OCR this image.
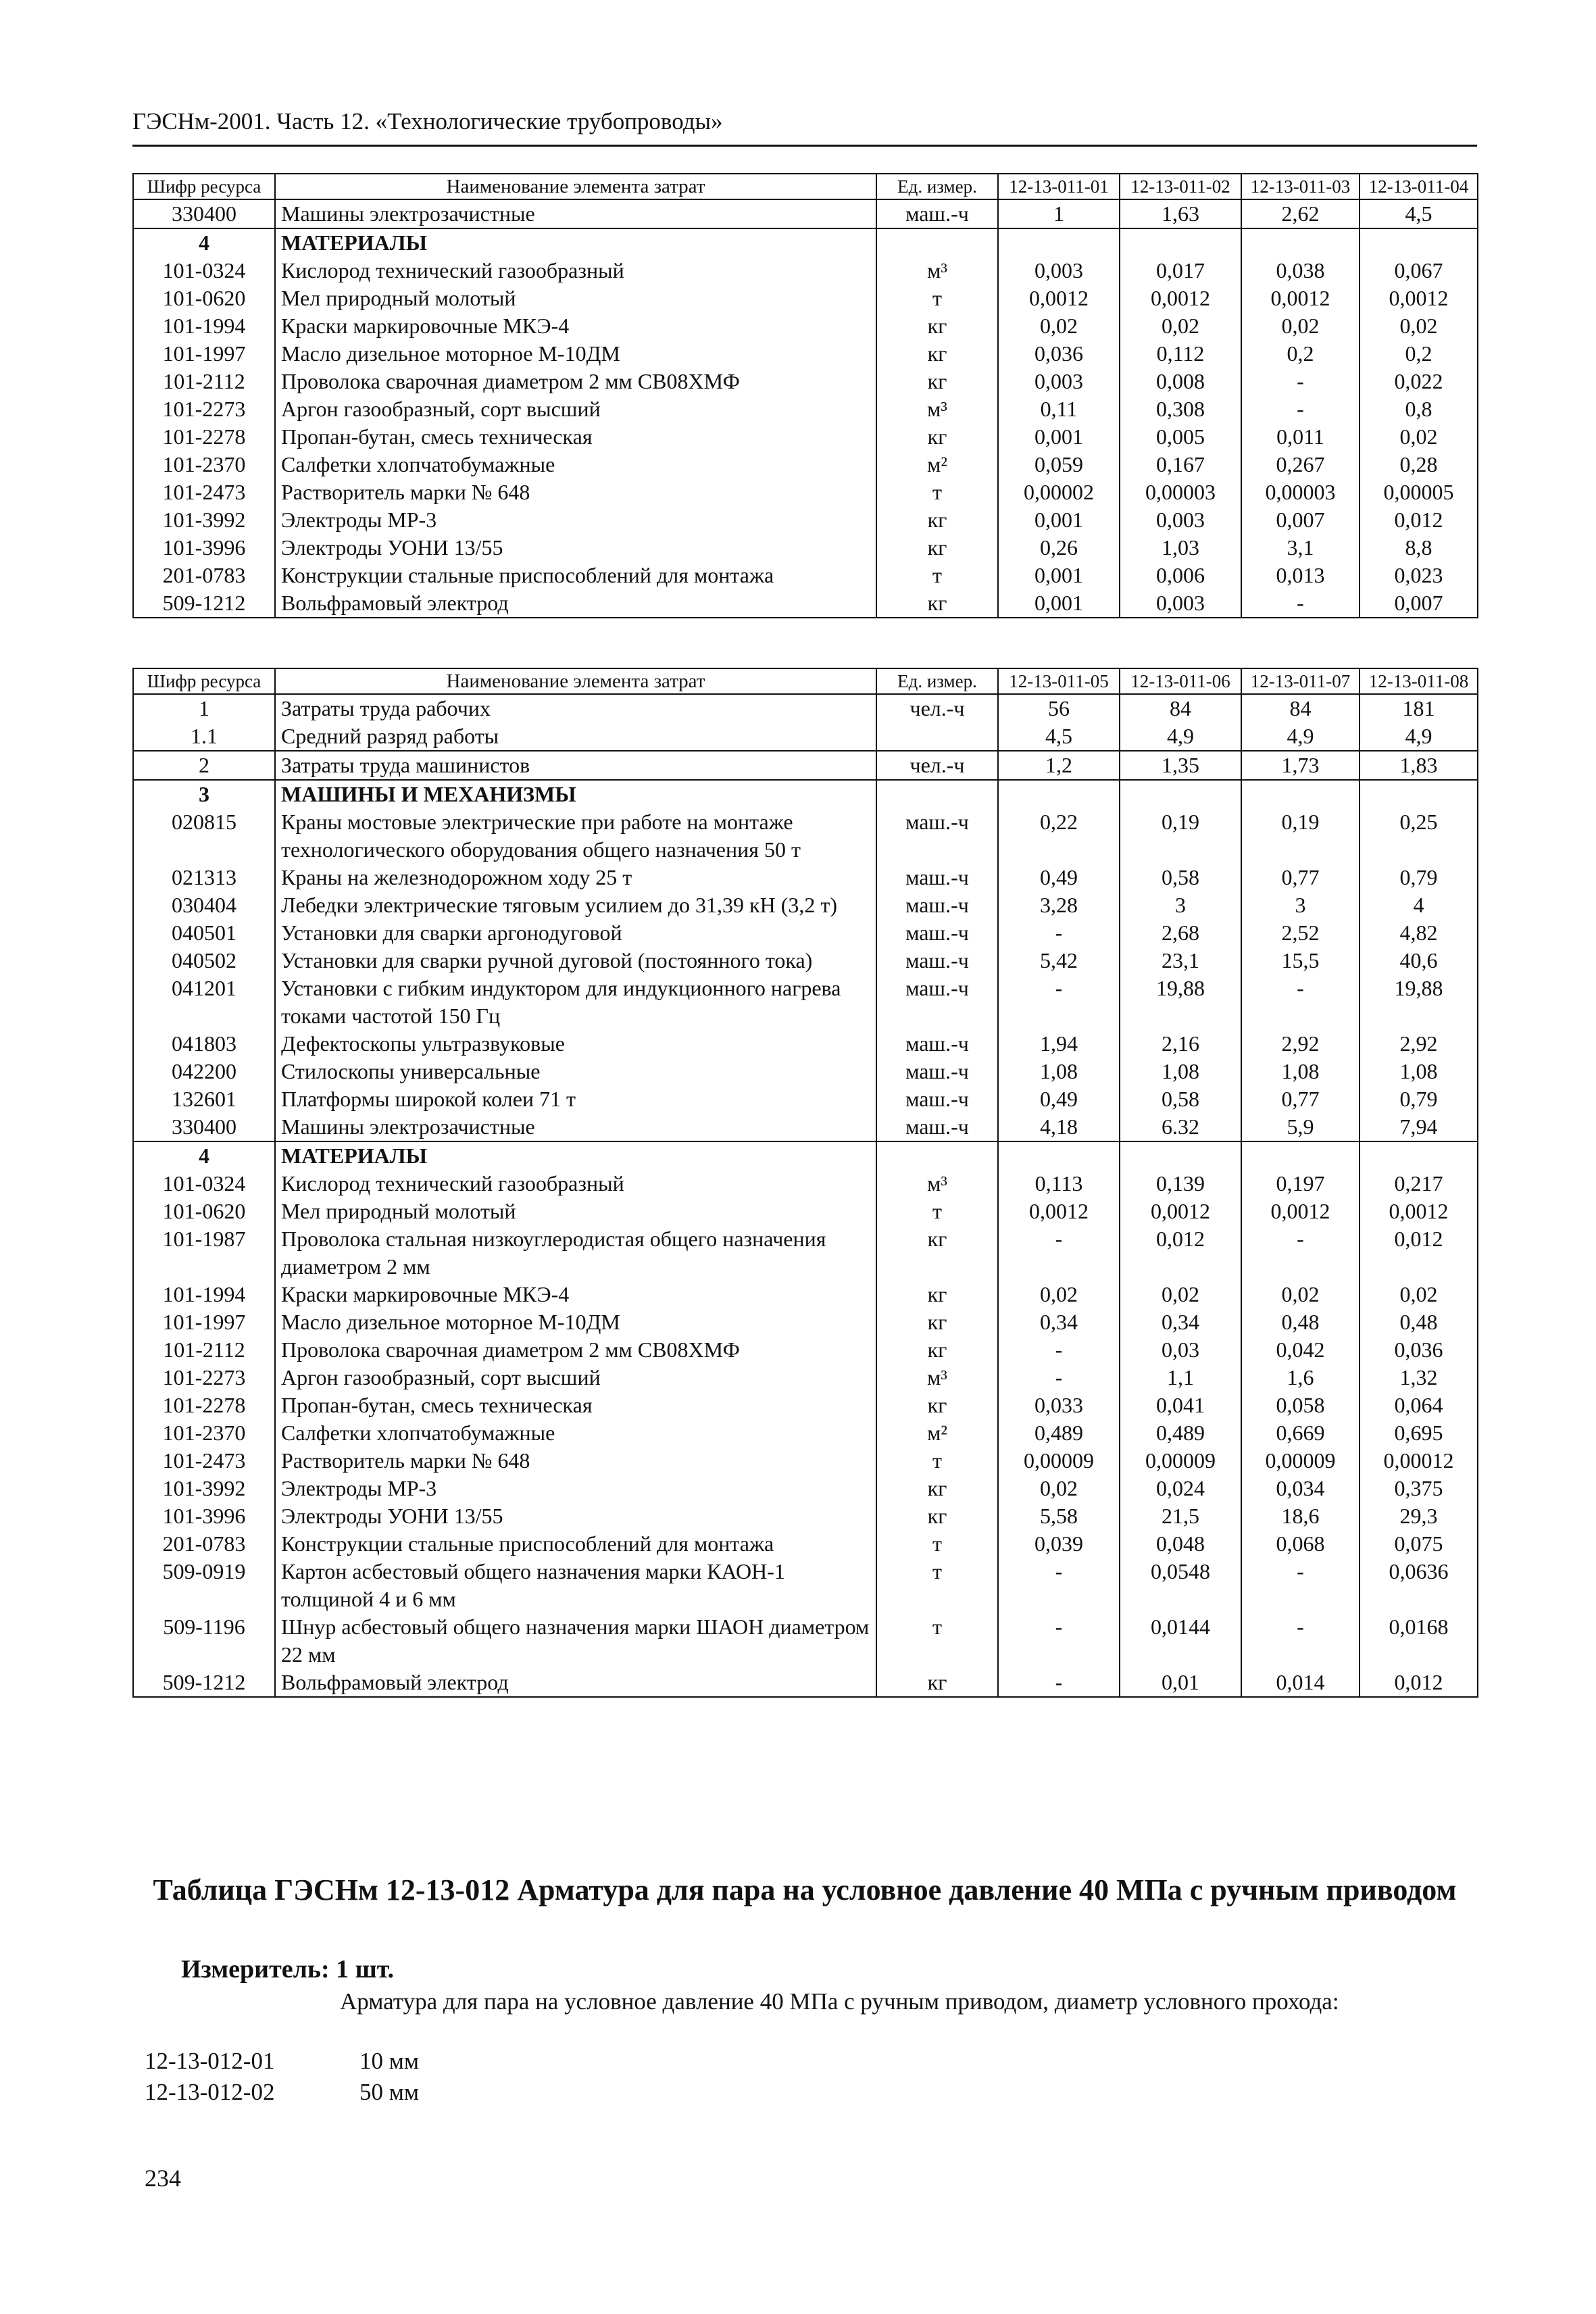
ГЭСНм-2001. Часть 12. «Технологические трубопроводы»
Шифр ресурса	Наименование элемента затрат	Ед. измер.	12-13-011-01	12-13-011-02	12-13-011-03	12-13-011-04
330400	Машины электрозачистные	маш.-ч	1	1,63	2,62	4,5
4	МАТЕРИАЛЫ					
101-0324	Кислород технический газообразный	м³	0,003	0,017	0,038	0,067
101-0620	Мел природный молотый	т	0,0012	0,0012	0,0012	0,0012
101-1994	Краски маркировочные МКЭ-4	кг	0,02	0,02	0,02	0,02
101-1997	Масло дизельное моторное М-10ДМ	кг	0,036	0,112	0,2	0,2
101-2112	Проволока сварочная диаметром 2 мм СВ08ХМФ	кг	0,003	0,008	-	0,022
101-2273	Аргон газообразный, сорт высший	м³	0,11	0,308	-	0,8
101-2278	Пропан-бутан, смесь техническая	кг	0,001	0,005	0,011	0,02
101-2370	Салфетки хлопчатобумажные	м²	0,059	0,167	0,267	0,28
101-2473	Растворитель марки № 648	т	0,00002	0,00003	0,00003	0,00005
101-3992	Электроды МР-3	кг	0,001	0,003	0,007	0,012
101-3996	Электроды УОНИ 13/55	кг	0,26	1,03	3,1	8,8
201-0783	Конструкции стальные приспособлений для монтажа	т	0,001	0,006	0,013	0,023
509-1212	Вольфрамовый электрод	кг	0,001	0,003	-	0,007
Шифр ресурса	Наименование элемента затрат	Ед. измер.	12-13-011-05	12-13-011-06	12-13-011-07	12-13-011-08
1	Затраты труда рабочих	чел.-ч	56	84	84	181
1.1	Средний разряд работы		4,5	4,9	4,9	4,9
2	Затраты труда машинистов	чел.-ч	1,2	1,35	1,73	1,83
3	МАШИНЫ И МЕХАНИЗМЫ					
020815	Краны мостовые электрические при работе на монтаже технологического оборудования общего назначения 50 т	маш.-ч	0,22	0,19	0,19	0,25
021313	Краны на железнодорожном ходу 25 т	маш.-ч	0,49	0,58	0,77	0,79
030404	Лебедки электрические тяговым усилием до 31,39 кН (3,2 т)	маш.-ч	3,28	3	3	4
040501	Установки для сварки аргонодуговой	маш.-ч	-	2,68	2,52	4,82
040502	Установки для сварки ручной дуговой (постоянного тока)	маш.-ч	5,42	23,1	15,5	40,6
041201	Установки с гибким индуктором для индукционного нагрева токами частотой 150 Гц	маш.-ч	-	19,88	-	19,88
041803	Дефектоскопы ультразвуковые	маш.-ч	1,94	2,16	2,92	2,92
042200	Стилоскопы универсальные	маш.-ч	1,08	1,08	1,08	1,08
132601	Платформы широкой колеи 71 т	маш.-ч	0,49	0,58	0,77	0,79
330400	Машины электрозачистные	маш.-ч	4,18	6.32	5,9	7,94
4	МАТЕРИАЛЫ					
101-0324	Кислород технический газообразный	м³	0,113	0,139	0,197	0,217
101-0620	Мел природный молотый	т	0,0012	0,0012	0,0012	0,0012
101-1987	Проволока стальная низкоуглеродистая общего назначения диаметром 2 мм	кг	-	0,012	-	0,012
101-1994	Краски маркировочные МКЭ-4	кг	0,02	0,02	0,02	0,02
101-1997	Масло дизельное моторное М-10ДМ	кг	0,34	0,34	0,48	0,48
101-2112	Проволока сварочная диаметром 2 мм СВ08ХМФ	кг	-	0,03	0,042	0,036
101-2273	Аргон газообразный, сорт высший	м³	-	1,1	1,6	1,32
101-2278	Пропан-бутан, смесь техническая	кг	0,033	0,041	0,058	0,064
101-2370	Салфетки хлопчатобумажные	м²	0,489	0,489	0,669	0,695
101-2473	Растворитель марки № 648	т	0,00009	0,00009	0,00009	0,00012
101-3992	Электроды МР-3	кг	0,02	0,024	0,034	0,375
101-3996	Электроды УОНИ 13/55	кг	5,58	21,5	18,6	29,3
201-0783	Конструкции стальные приспособлений для монтажа	т	0,039	0,048	0,068	0,075
509-0919	Картон асбестовый общего назначения марки КАОН-1 толщиной 4 и 6 мм	т	-	0,0548	-	0,0636
509-1196	Шнур асбестовый общего назначения марки ШАОН диаметром 22 мм	т	-	0,0144	-	0,0168
509-1212	Вольфрамовый электрод	кг	-	0,01	0,014	0,012
Таблица ГЭСНм 12-13-012 Арматура для пара на условное давление 40 МПа с ручным приводом
Измеритель: 1 шт.
Арматура для пара на условное давление 40 МПа с ручным приводом, диаметр условного прохода:
12-13-012-01	10 мм
12-13-012-02	50 мм
234
